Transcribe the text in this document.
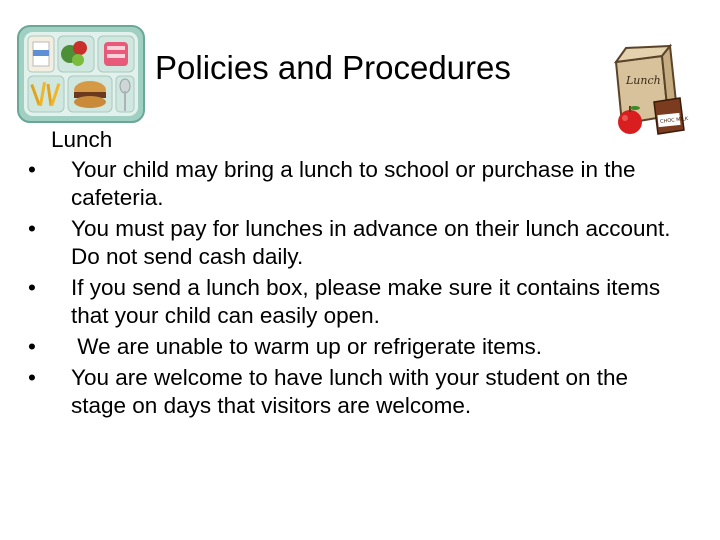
Lunch
CHOC MILK
Policies and Procedures
Lunch
• Your child may bring a lunch to school or purchase in the cafeteria.
• You must pay for lunches in advance on their lunch account. Do not send cash daily.
• If you send a lunch box, please make sure it contains items that your child can easily open.
• We are unable to warm up or refrigerate items.
• You are welcome to have lunch with your student on the stage on days that visitors are welcome.
